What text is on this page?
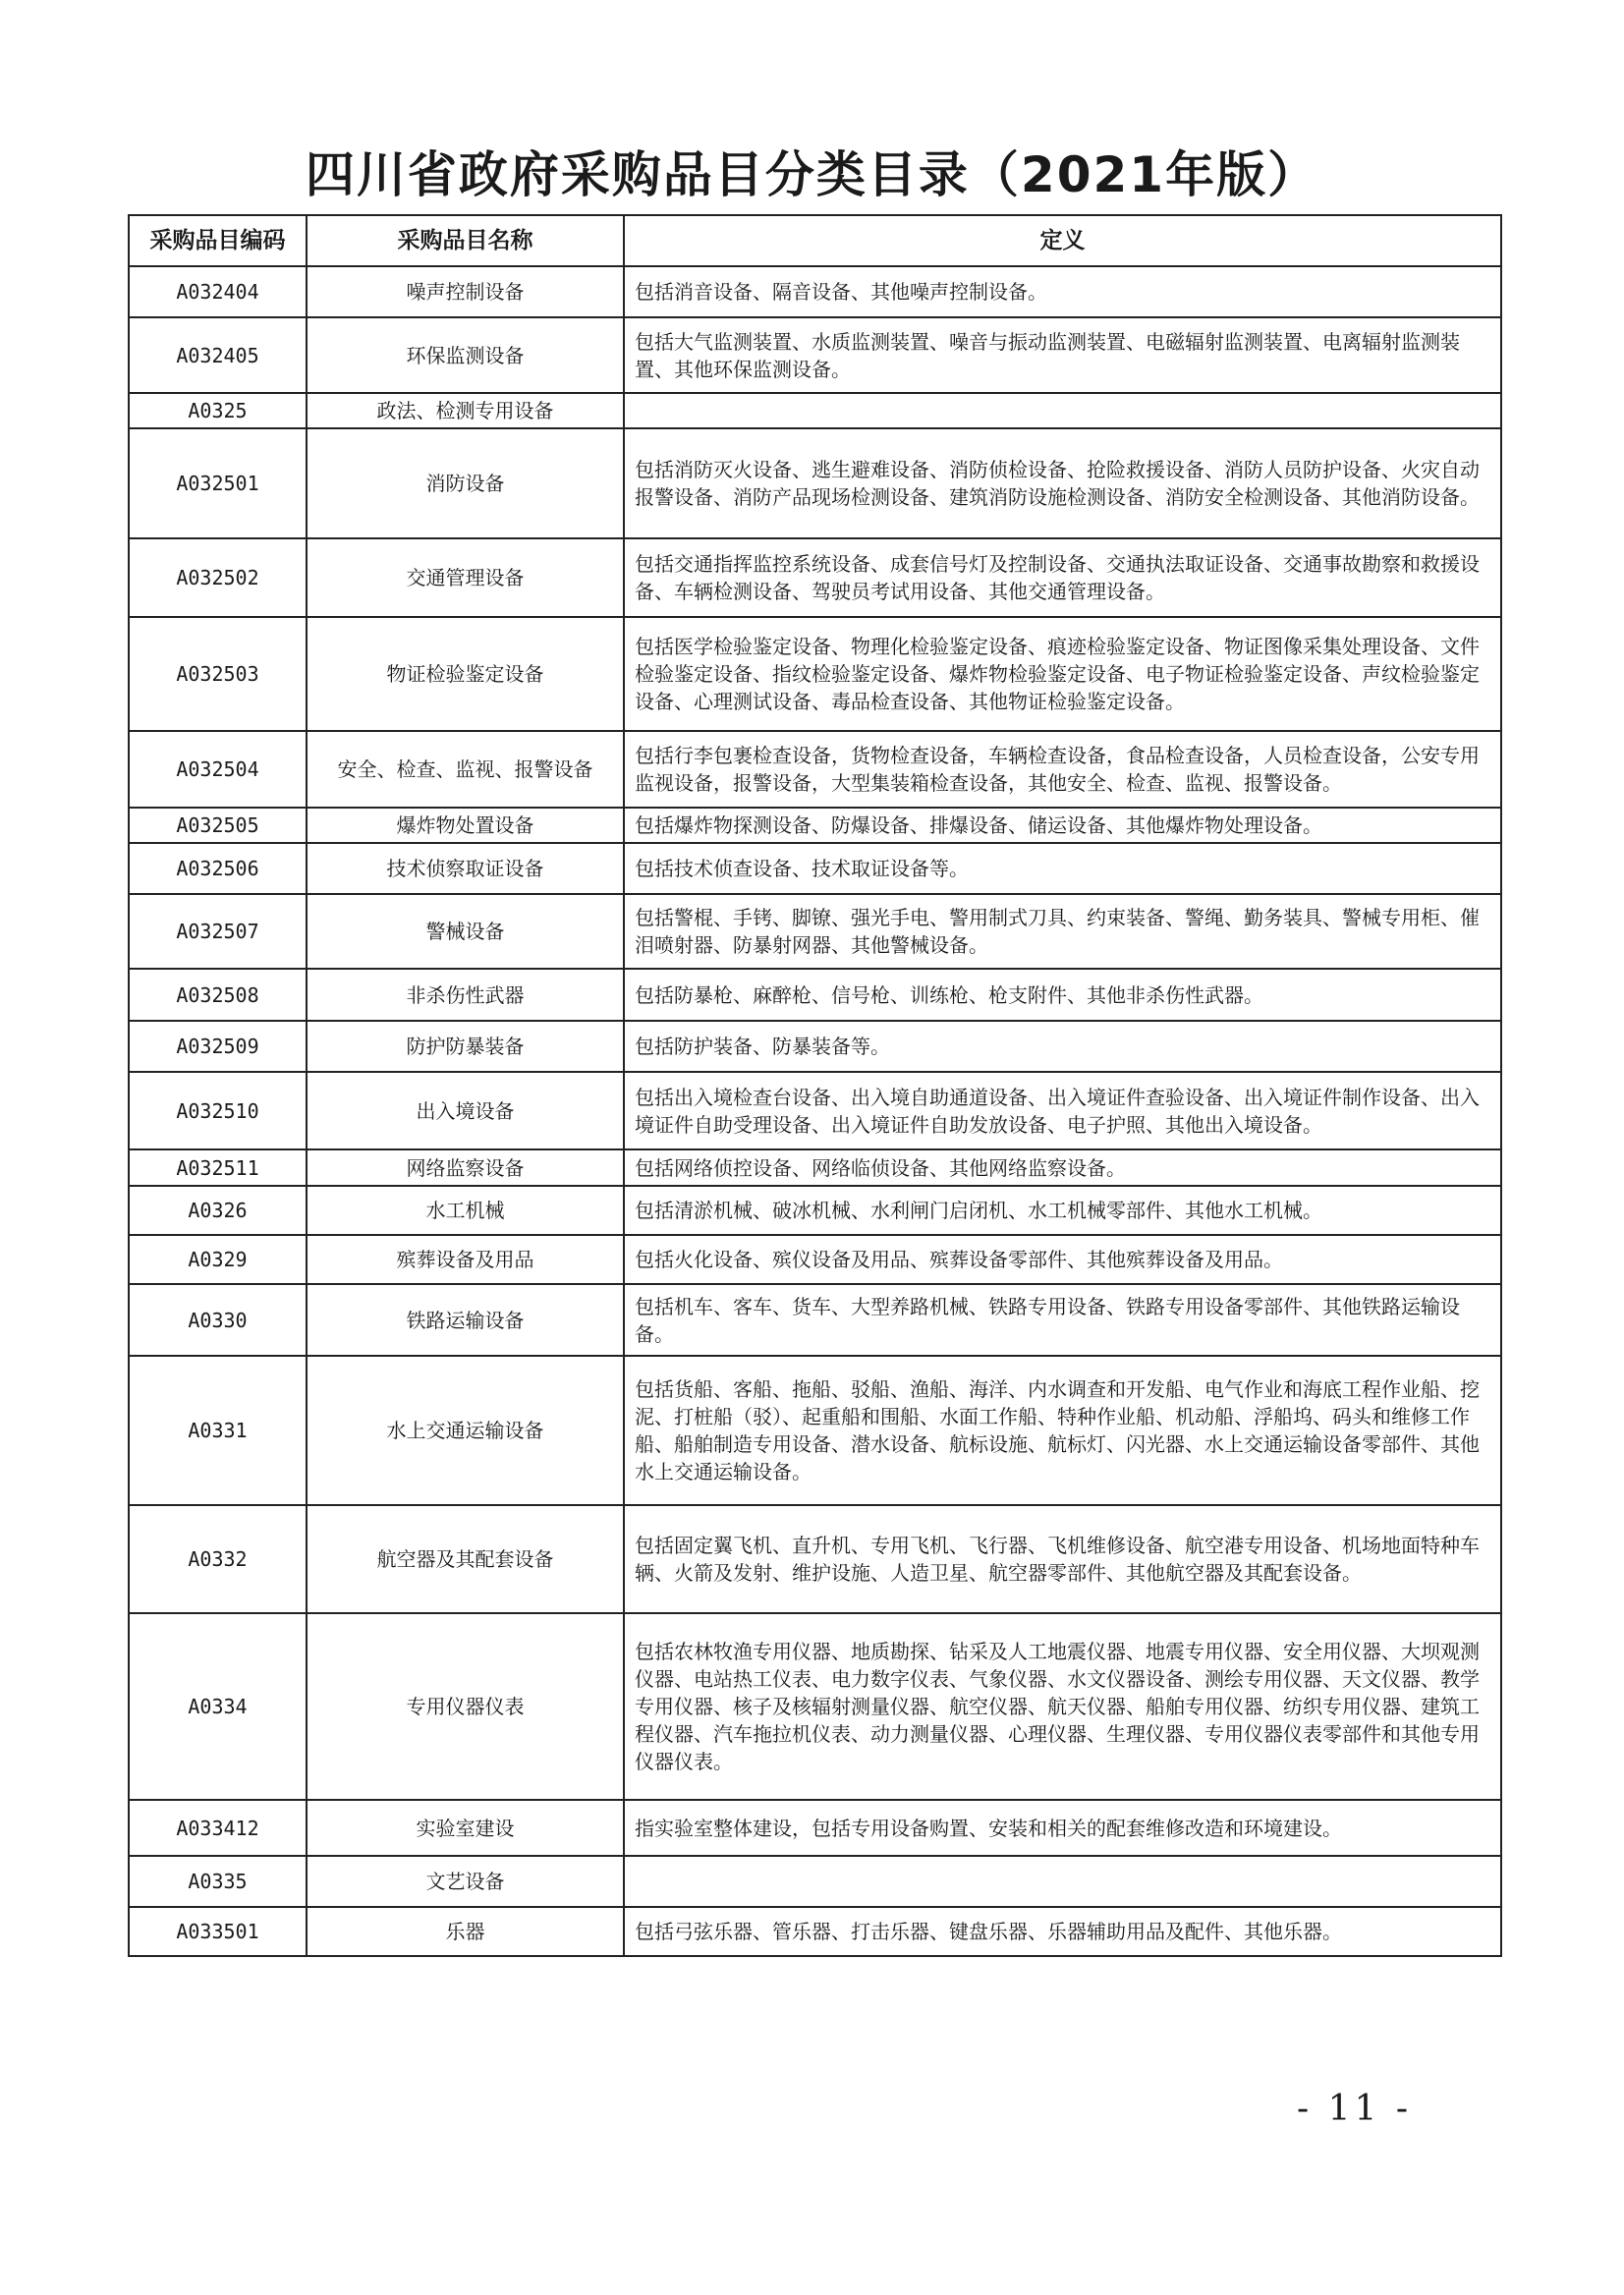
四川省政府采购品目分类目录（2021年版）
采购品目编码	采购品目名称	定义
A032404	噪声控制设备	包括消音设备、隔音设备、其他噪声控制设备。
A032405	环保监测设备	包括大气监测装置、水质监测装置、噪音与振动监测装置、电磁辐射监测装置、电离辐射监测装置、其他环保监测设备。
A0325	政法、检测专用设备	
A032501	消防设备	包括消防灭火设备、逃生避难设备、消防侦检设备、抢险救援设备、消防人员防护设备、火灾自动报警设备、消防产品现场检测设备、建筑消防设施检测设备、消防安全检测设备、其他消防设备。
A032502	交通管理设备	包括交通指挥监控系统设备、成套信号灯及控制设备、交通执法取证设备、交通事故勘察和救援设备、车辆检测设备、驾驶员考试用设备、其他交通管理设备。
A032503	物证检验鉴定设备	包括医学检验鉴定设备、物理化检验鉴定设备、痕迹检验鉴定设备、物证图像采集处理设备、文件检验鉴定设备、指纹检验鉴定设备、爆炸物检验鉴定设备、电子物证检验鉴定设备、声纹检验鉴定设备、心理测试设备、毒品检查设备、其他物证检验鉴定设备。
A032504	安全、检查、监视、报警设备	包括行李包裹检查设备，货物检查设备，车辆检查设备，食品检查设备，人员检查设备，公安专用监视设备，报警设备，大型集装箱检查设备，其他安全、检查、监视、报警设备。
A032505	爆炸物处置设备	包括爆炸物探测设备、防爆设备、排爆设备、储运设备、其他爆炸物处理设备。
A032506	技术侦察取证设备	包括技术侦查设备、技术取证设备等。
A032507	警械设备	包括警棍、手铐、脚镣、强光手电、警用制式刀具、约束装备、警绳、勤务装具、警械专用柜、催泪喷射器、防暴射网器、其他警械设备。
A032508	非杀伤性武器	包括防暴枪、麻醉枪、信号枪、训练枪、枪支附件、其他非杀伤性武器。
A032509	防护防暴装备	包括防护装备、防暴装备等。
A032510	出入境设备	包括出入境检查台设备、出入境自助通道设备、出入境证件查验设备、出入境证件制作设备、出入境证件自助受理设备、出入境证件自助发放设备、电子护照、其他出入境设备。
A032511	网络监察设备	包括网络侦控设备、网络临侦设备、其他网络监察设备。
A0326	水工机械	包括清淤机械、破冰机械、水利闸门启闭机、水工机械零部件、其他水工机械。
A0329	殡葬设备及用品	包括火化设备、殡仪设备及用品、殡葬设备零部件、其他殡葬设备及用品。
A0330	铁路运输设备	包括机车、客车、货车、大型养路机械、铁路专用设备、铁路专用设备零部件、其他铁路运输设备。
A0331	水上交通运输设备	包括货船、客船、拖船、驳船、渔船、海洋、内水调查和开发船、电气作业和海底工程作业船、挖泥、打桩船（驳）、起重船和围船、水面工作船、特种作业船、机动船、浮船坞、码头和维修工作船、船舶制造专用设备、潜水设备、航标设施、航标灯、闪光器、水上交通运输设备零部件、其他水上交通运输设备。
A0332	航空器及其配套设备	包括固定翼飞机、直升机、专用飞机、飞行器、飞机维修设备、航空港专用设备、机场地面特种车辆、火箭及发射、维护设施、人造卫星、航空器零部件、其他航空器及其配套设备。
A0334	专用仪器仪表	包括农林牧渔专用仪器、地质勘探、钻采及人工地震仪器、地震专用仪器、安全用仪器、大坝观测仪器、电站热工仪表、电力数字仪表、气象仪器、水文仪器设备、测绘专用仪器、天文仪器、教学专用仪器、核子及核辐射测量仪器、航空仪器、航天仪器、船舶专用仪器、纺织专用仪器、建筑工程仪器、汽车拖拉机仪表、动力测量仪器、心理仪器、生理仪器、专用仪器仪表零部件和其他专用仪器仪表。
A033412	实验室建设	指实验室整体建设，包括专用设备购置、安装和相关的配套维修改造和环境建设。
A0335	文艺设备	
A033501	乐器	包括弓弦乐器、管乐器、打击乐器、键盘乐器、乐器辅助用品及配件、其他乐器。
- 11 -
